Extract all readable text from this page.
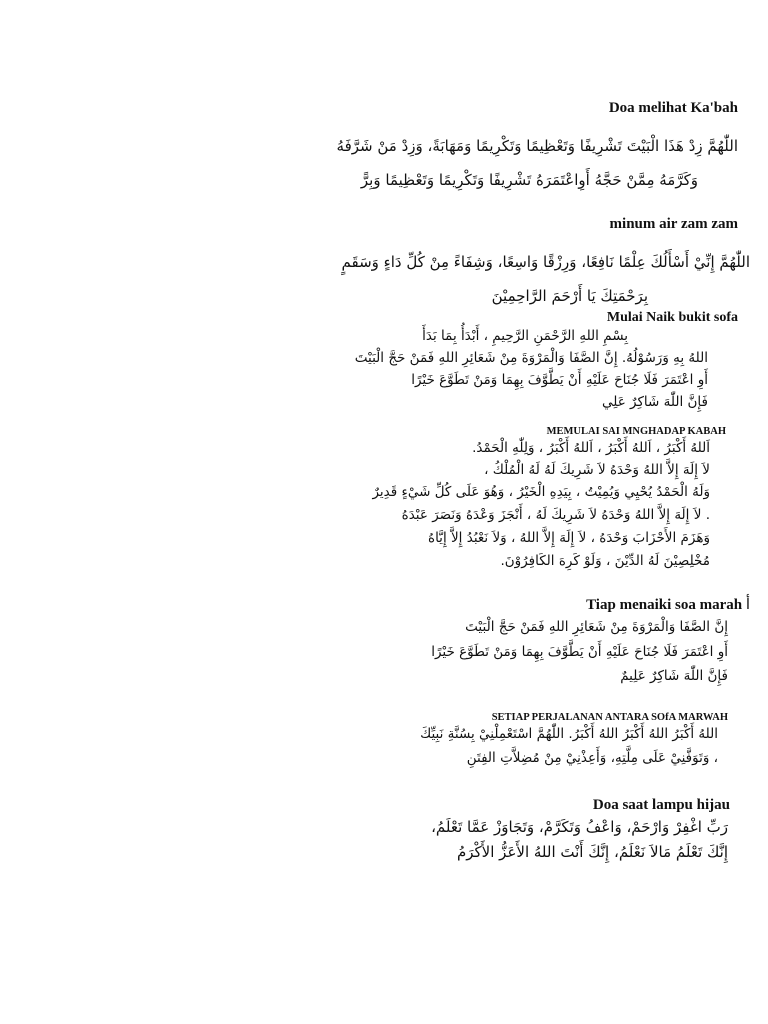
Doa melihat Ka'bah
اللّٰهُمَّ زِدْ هَذَا الْبَيْتَ تَشْرِيفًا وَتَعْظِيمًا وَتَكْرِيمًا وَمَهَابَةً، وَزِدْ مَنْ شَرَّفَهُ
وَكَرَّمَهُ مِمَّنْ حَجَّهُ أَوِاعْتَمَرَهُ تَشْرِيفًا وَتَكْرِيمًا وَتَعْظِيمًا وَبِرًّ
minum air zam zam
اللّٰهُمَّ إِنِّيْ أَسْأَلُكَ عِلْمًا نَافِعًا، وَرِزْقًا وَاسِعًا، وَشِفَاءً مِنْ كُلِّ دَاءٍ وَسَقَمٍ
بِرَحْمَتِكَ يَا أَرْحَمَ الرَّاحِمِيْنَ
Mulai Naik bukit sofa
بِسْمِ اللهِ الرَّحْمَنِ الرَّحِيمِ ، أَبْدَأُ بِمَا بَدَأَ
اللهُ بِهِ وَرَسُوْلُهُ. إِنَّ الصَّفَا وَالْمَرْوَةَ مِنْ شَعَائِرِ اللهِ فَمَنْ حَجَّ الْبَيْتَ
أَوِ اعْتَمَرَ فَلَا جُنَاحَ عَلَيْهِ أَنْ يَطَّوَّفَ بِهِمَا وَمَنْ تَطَوَّعَ خَيْرًا
فَإِنَّ اللّٰهَ شَاكِرٌ عَلِي
MEMULAI SAI MNGHADAP KABAH
اَللهُ أَكْبَرُ ، اَللهُ أَكْبَرُ ، اَللهُ أَكْبَرُ ، وَلِلّٰهِ الْحَمْدُ.
لاَ إِلَهَ إِلاَّ اللهُ وَحْدَهُ لاَ شَرِيكَ لَهُ لَهُ الْمُلْكُ ،
وَلَهُ الْحَمْدُ يُحْيِي وَيُمِيْتُ ، بِيَدِهِ الْخَيْرُ ، وَهُوَ عَلَى كُلِّ شَيْءٍ قَدِيرٌ
. لاَ إِلَهَ إِلاَّ اللهُ وَحْدَهُ لاَ شَرِيكَ لَهُ ، أَنْجَزَ وَعْدَهُ وَنَصَرَ عَبْدَهُ
وَهَزَمَ الأَحْزَابَ وَحْدَهُ ، لاَ إِلَهَ إِلاَّ اللهُ ، وَلاَ نَعْبُدُ إِلاَّ إِيَّاهُ
مُخْلِصِيْنَ لَهُ الدِّيْنَ ، وَلَوْ كَرِهَ الكَافِرُوْنَ.
Tiap menaiki soa marah أ
إِنَّ الصَّفَا وَالْمَرْوَةَ مِنْ شَعَائِرِ اللهِ فَمَنْ حَجَّ الْبَيْتَ
أَوِ اعْتَمَرَ فَلَا جُنَاحَ عَلَيْهِ أَنْ يَطَّوَّفَ بِهِمَا وَمَنْ تَطَوَّعَ خَيْرًا
فَإِنَّ اللّٰهَ شَاكِرٌ عَلِيمٌ
SETIAP PERJALANAN ANTARA SOfA MARWAH
اللهُ أَكْبَرُ اللهُ أَكْبَرُ اللهُ أَكْبَرُ. اللّٰهُمَّ اسْتَعْمِلْنِيْ بِسُنَّةِ نَبِيِّكَ
، وَتَوَفَّنِيْ عَلَى مِلَّتِهِ، وَأَعِذْنِيْ مِنْ مُضِلاَّتِ الفِتَنِ
Doa saat lampu hijau
رَبِّ اغْفِرْ وَارْحَمْ، وَاعْفُ وَتَكَرَّمْ، وَتَجَاوَزْ عَمَّا تَعْلَمُ،
إِنَّكَ تَعْلَمُ مَالاَ نَعْلَمُ، إِنَّكَ أَنْتَ اللهُ الأَعَزُّ الأَكْرَمُ
